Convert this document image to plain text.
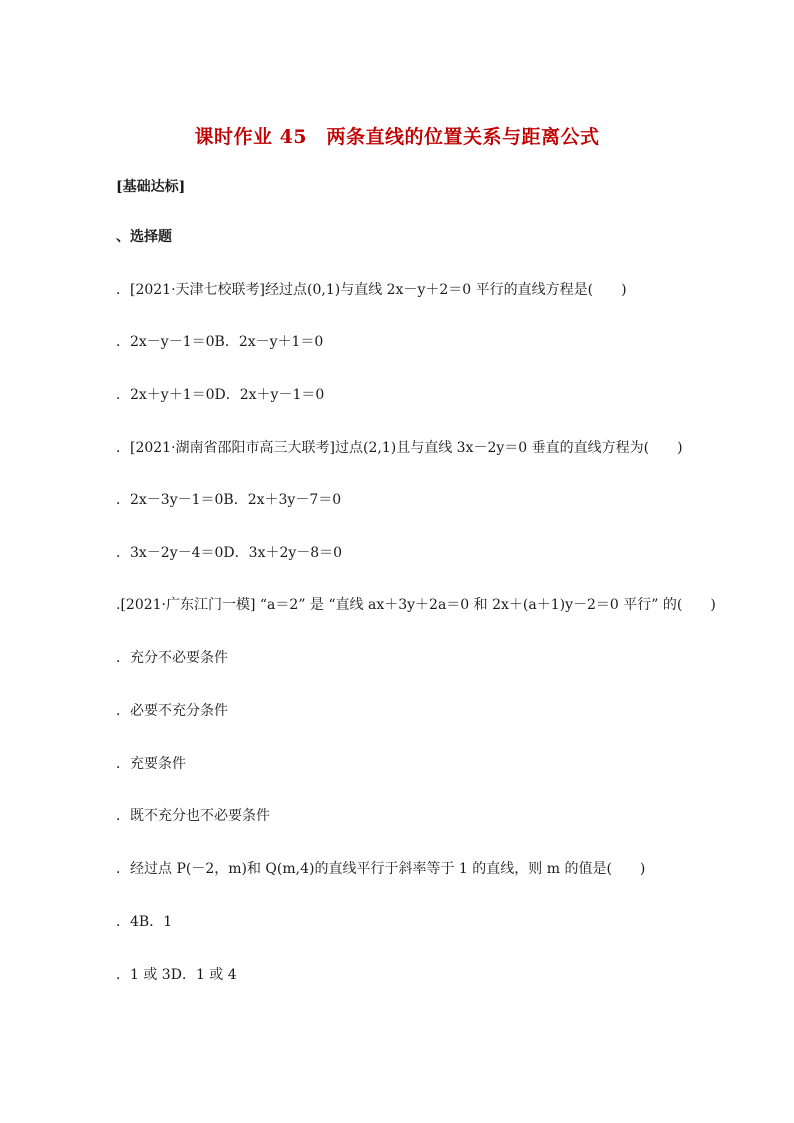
课时作业 45　两条直线的位置关系与距离公式
[基础达标]
、选择题
．[2021·天津七校联考]经过点(0,1)与直线 2x－y＋2＝0 平行的直线方程是(　　)
．2x－y－1＝0B．2x－y＋1＝0
．2x＋y＋1＝0D．2x＋y－1＝0
．[2021·湖南省邵阳市高三大联考]过点(2,1)且与直线 3x－2y＝0 垂直的直线方程为(　　)
．2x－3y－1＝0B．2x＋3y－7＝0
．3x－2y－4＝0D．3x＋2y－8＝0
.[2021·广东江门一模] “a＝2” 是 “直线 ax＋3y＋2a＝0 和 2x＋(a＋1)y－2＝0 平行” 的(　　)
．充分不必要条件
．必要不充分条件
．充要条件
．既不充分也不必要条件
．经过点 P(－2，m)和 Q(m,4)的直线平行于斜率等于 1 的直线，则 m 的值是(　　)
．4B．1
．1 或 3D．1 或 4
